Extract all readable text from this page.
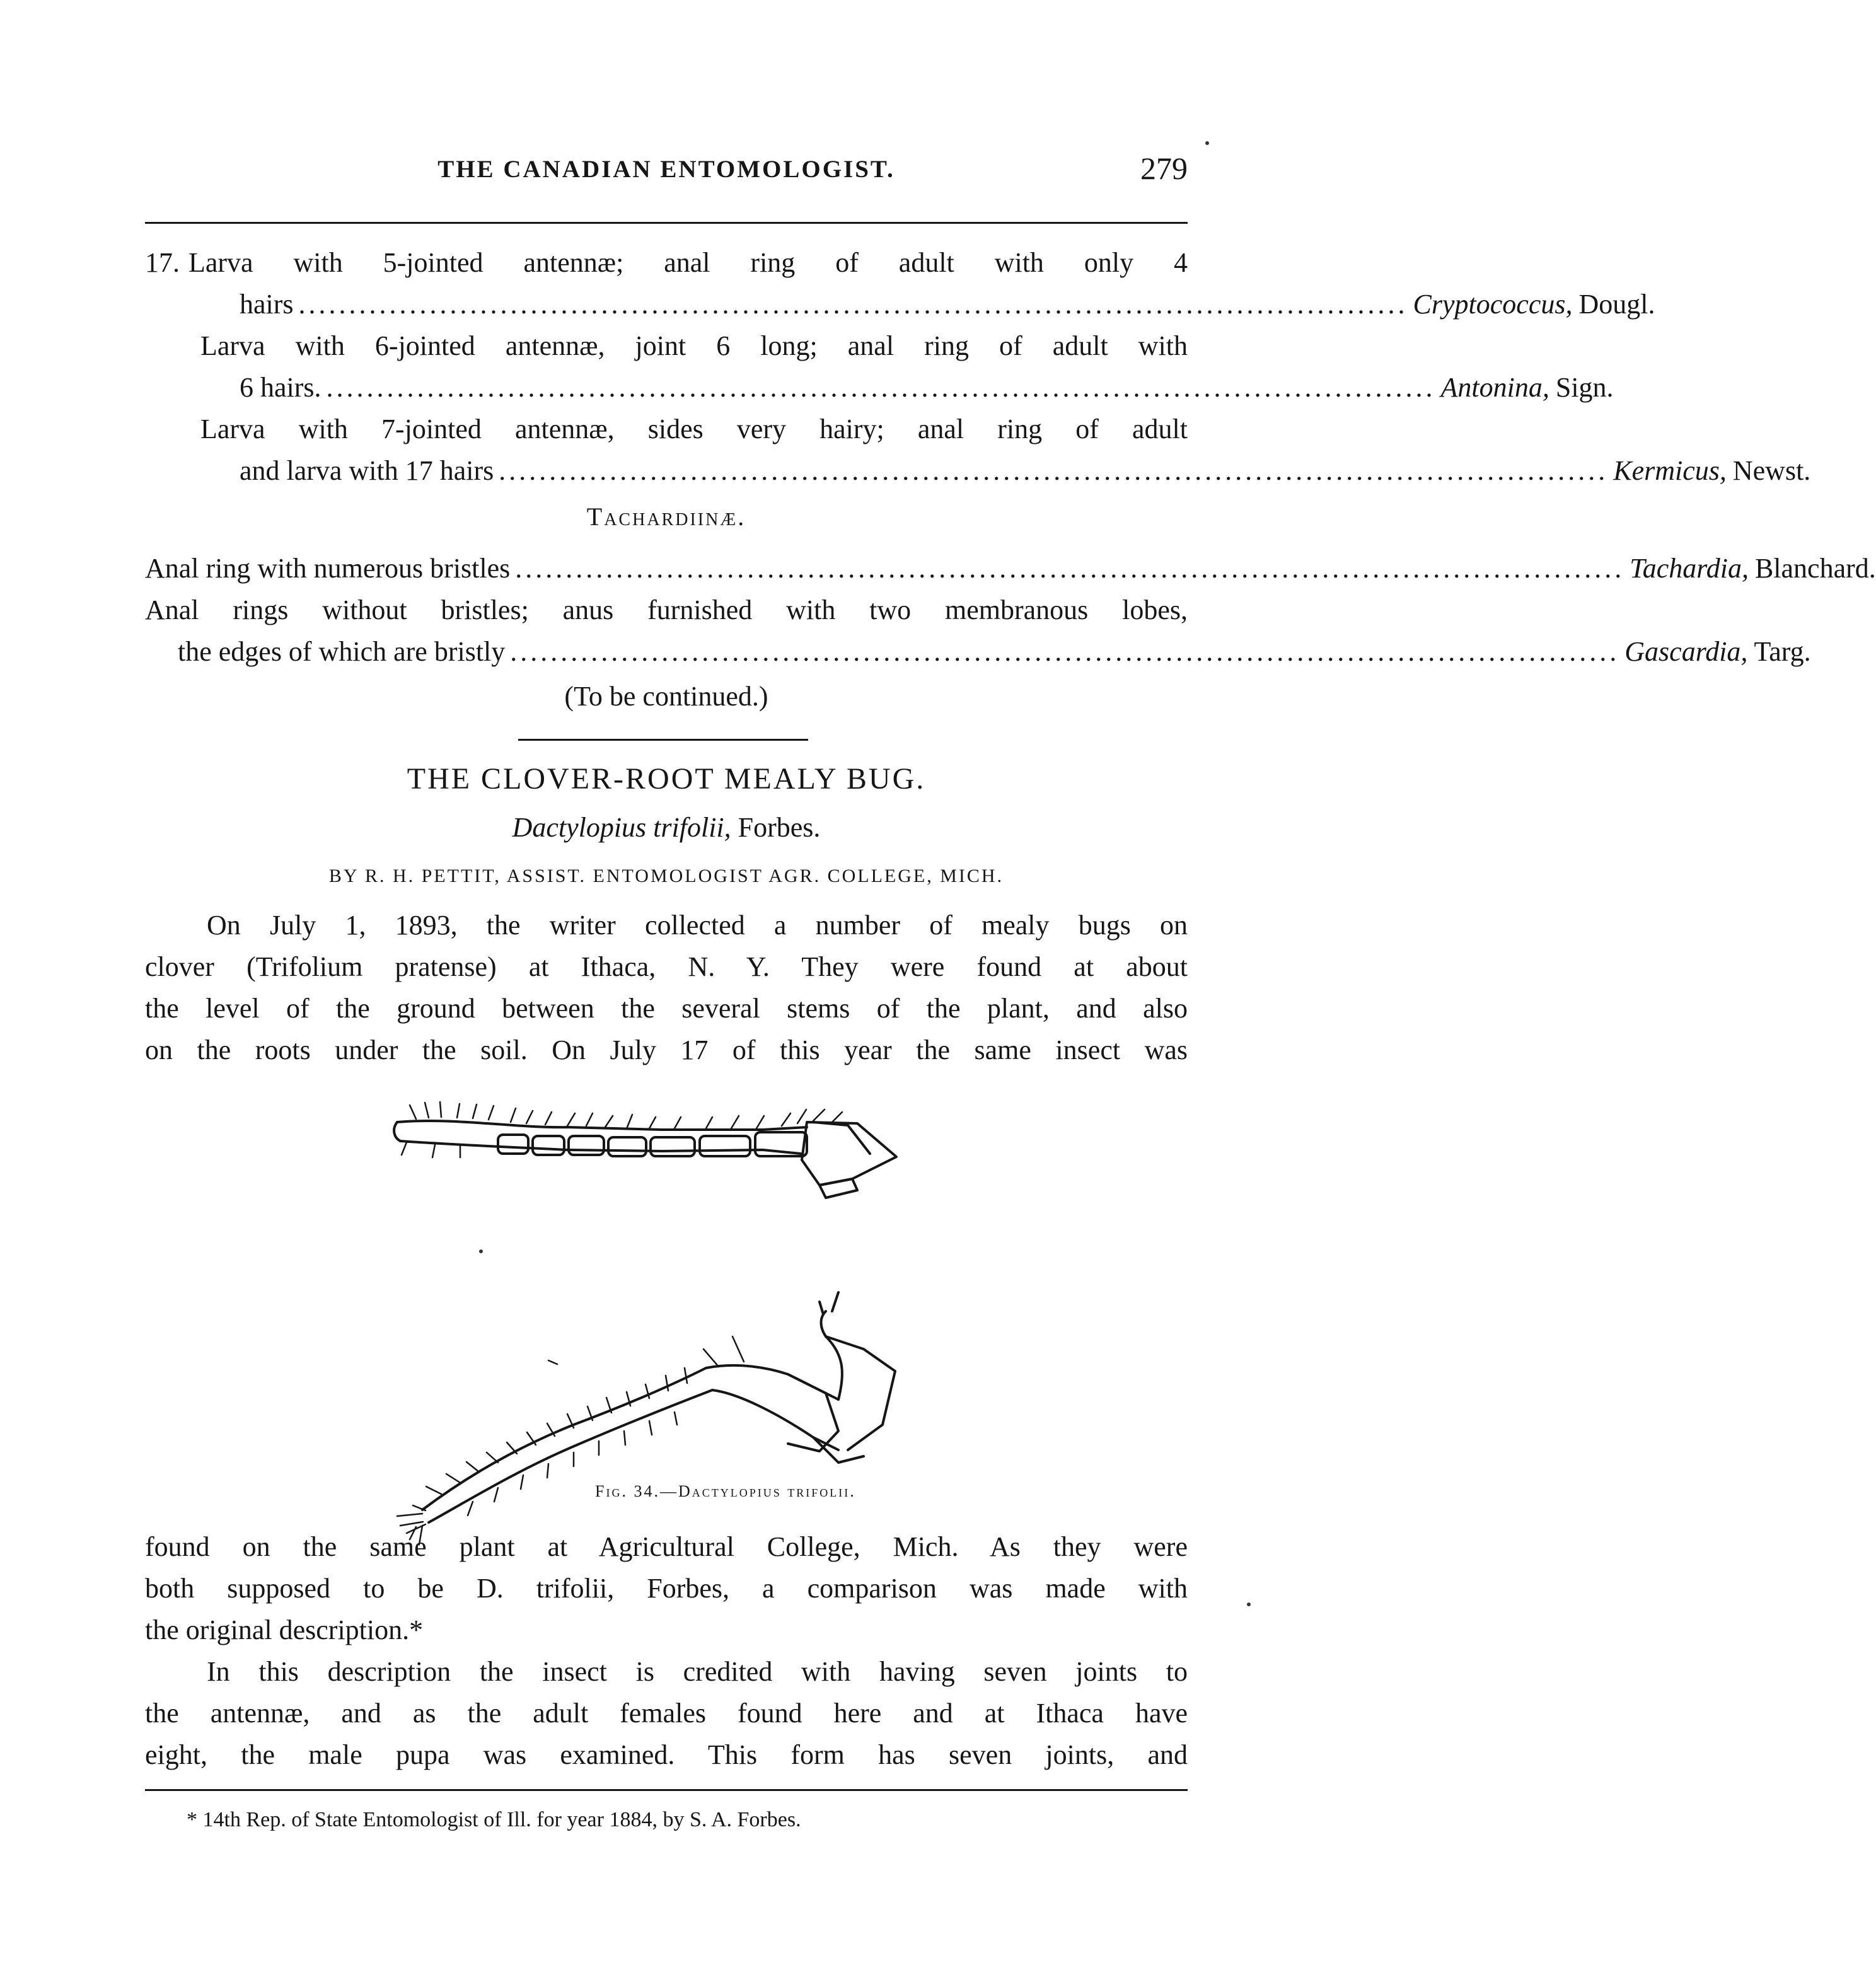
THE CANADIAN ENTOMOLOGIST.	279
17. Larva with 5-jointed antennæ; anal ring of adult with only 4
hairs .............................................................................................................. Cryptococcus, Dougl.
Larva with 6-jointed antennæ, joint 6 long; anal ring of adult with
6 hairs. .............................................................................................................. Antonina, Sign.
Larva with 7-jointed antennæ, sides very hairy; anal ring of adult
and larva with 17 hairs .............................................................................................................. Kermicus, Newst.
Tachardiinæ.
Anal ring with numerous bristles .............................................................................................................. Tachardia, Blanchard.
Anal rings without bristles; anus furnished with two membranous lobes,
the edges of which are bristly .............................................................................................................. Gascardia, Targ.
(To be continued.)
THE CLOVER-ROOT MEALY BUG.
Dactylopius trifolii, Forbes.
BY R. H. PETTIT, ASSIST. ENTOMOLOGIST AGR. COLLEGE, MICH.
On July 1, 1893, the writer collected a number of mealy bugs on
clover (Trifolium pratense) at Ithaca, N. Y. They were found at about
the level of the ground between the several stems of the plant, and also
on the roots under the soil. On July 17 of this year the same insect was
Fig. 34.—Dactylopius trifolii.
found on the same plant at Agricultural College, Mich. As they were
both supposed to be D. trifolii, Forbes, a comparison was made with
the original description.*
In this description the insect is credited with having seven joints to
the antennæ, and as the adult females found here and at Ithaca have
eight, the male pupa was examined. This form has seven joints, and
* 14th Rep. of State Entomologist of Ill. for year 1884, by S. A. Forbes.
